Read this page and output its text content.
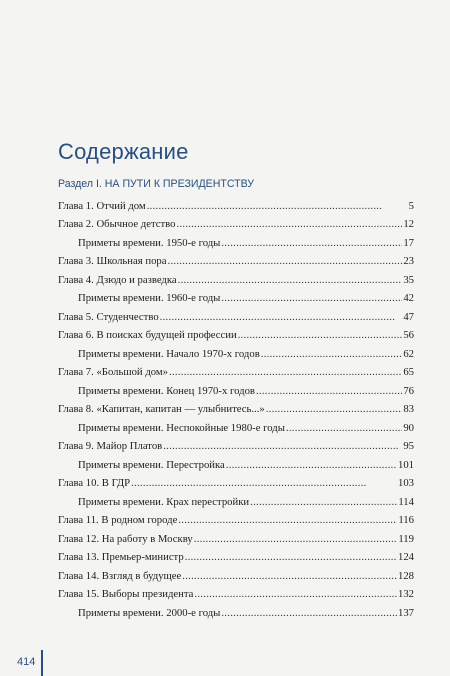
Содержание
Раздел I. НА ПУТИ К ПРЕЗИДЕНТСТВУ
Глава 1. Отчий дом . . .	5
Глава 2. Обычное детство . . .	12
Приметы времени. 1950-е годы . . .	17
Глава 3. Школьная пора . . .	23
Глава 4. Дзюдо и разведка . . .	35
Приметы времени. 1960-е годы . . .	42
Глава 5. Студенчество . . .	47
Глава 6. В поисках будущей профессии . . .	56
Приметы времени. Начало 1970-х годов . . .	62
Глава 7. «Большой дом» . . .	65
Приметы времени. Конец 1970-х годов . . .	76
Глава 8. «Капитан, капитан — улыбнитесь...» . . .	83
Приметы времени. Неспокойные 1980-е годы . . .	90
Глава 9. Майор Платов . . .	95
Приметы времени. Перестройка . . .	101
Глава 10. В ГДР . . .	103
Приметы времени. Крах перестройки . . .	114
Глава 11. В родном городе . . .	116
Глава 12. На работу в Москву . . .	119
Глава 13. Премьер-министр . . .	124
Глава 14. Взгляд в будущее . . .	128
Глава 15. Выборы президента . . .	132
Приметы времени. 2000-е годы . . .	137
414
